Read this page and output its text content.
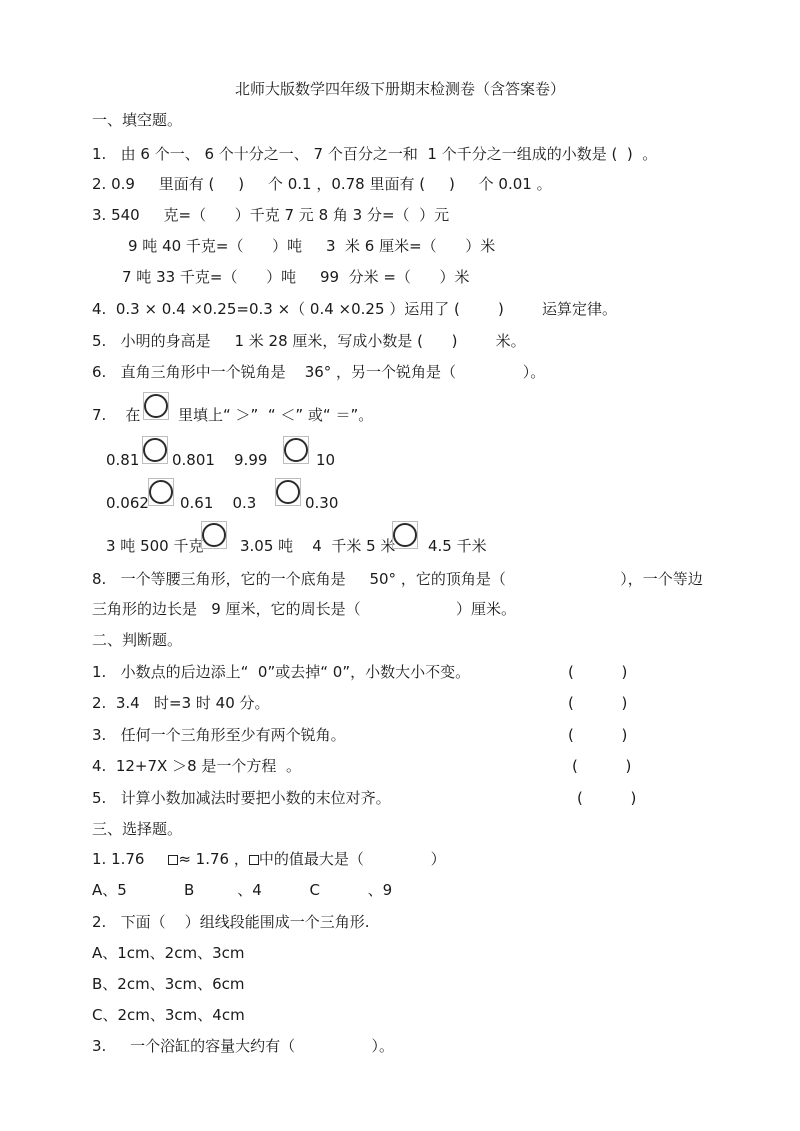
北师大版数学四年级下册期末检测卷（含答案卷）
一、填空题。
1.   由 6 个一、 6 个十分之一、 7 个百分之一和  1 个千分之一组成的小数是 (  )  。
2. 0.9     里面有 (     )     个 0.1 ，0.78 里面有 (     )     个 0.01 。
3. 540     克=（      ）千克 7 元 8 角 3 分=（  ）元
9 吨 40 千克=（      ）吨     3  米 6 厘米=（      ）米
7 吨 33 千克=（      ）吨     99  分米 =（      ）米
4.  0.3 × 0.4 ×0.25=0.3 ×（ 0.4 ×0.25 ）运用了 (        )        运算定律。
5.   小明的身高是     1 米 28 厘米，写成小数是 (      )        米。
6.   直角三角形中一个锐角是    36° ，另一个锐角是（              ）。
7.    在	里填上“ ＞”  “ ＜” 或“ ＝”。
0.81 0.801    9.99	10
0.062 0.61    0.3	0.30
3 吨 500 千克 3.05 吨    4  千米 5 米 4.5 千米
8.   一个等腰三角形，它的一个底角是     50° ，它的顶角是（                        ），一个等边
三角形的边长是   9 厘米，它的周长是（                    ）厘米。
二、判断题。
1.   小数点的后边添上“  0”或去掉“ 0”，小数大小不变。	(          )
2.  3.4   时=3 时 40 分。	(          )
3.   任何一个三角形至少有两个锐角。	(          )
4.  12+7X ＞8 是一个方程  。	(          )
5.   计算小数加减法时要把小数的末位对齐。	(          )
三、选择题。
1. 1.76     ≈ 1.76 ， 中的值最大是（              ）
A、5            B         、4          C          、9
2.   下面（    ）组线段能围成一个三角形.
A、1cm、2cm、3cm
B、2cm、3cm、6cm
C、2cm、3cm、4cm
3.     一个浴缸的容量大约有（                ）。
